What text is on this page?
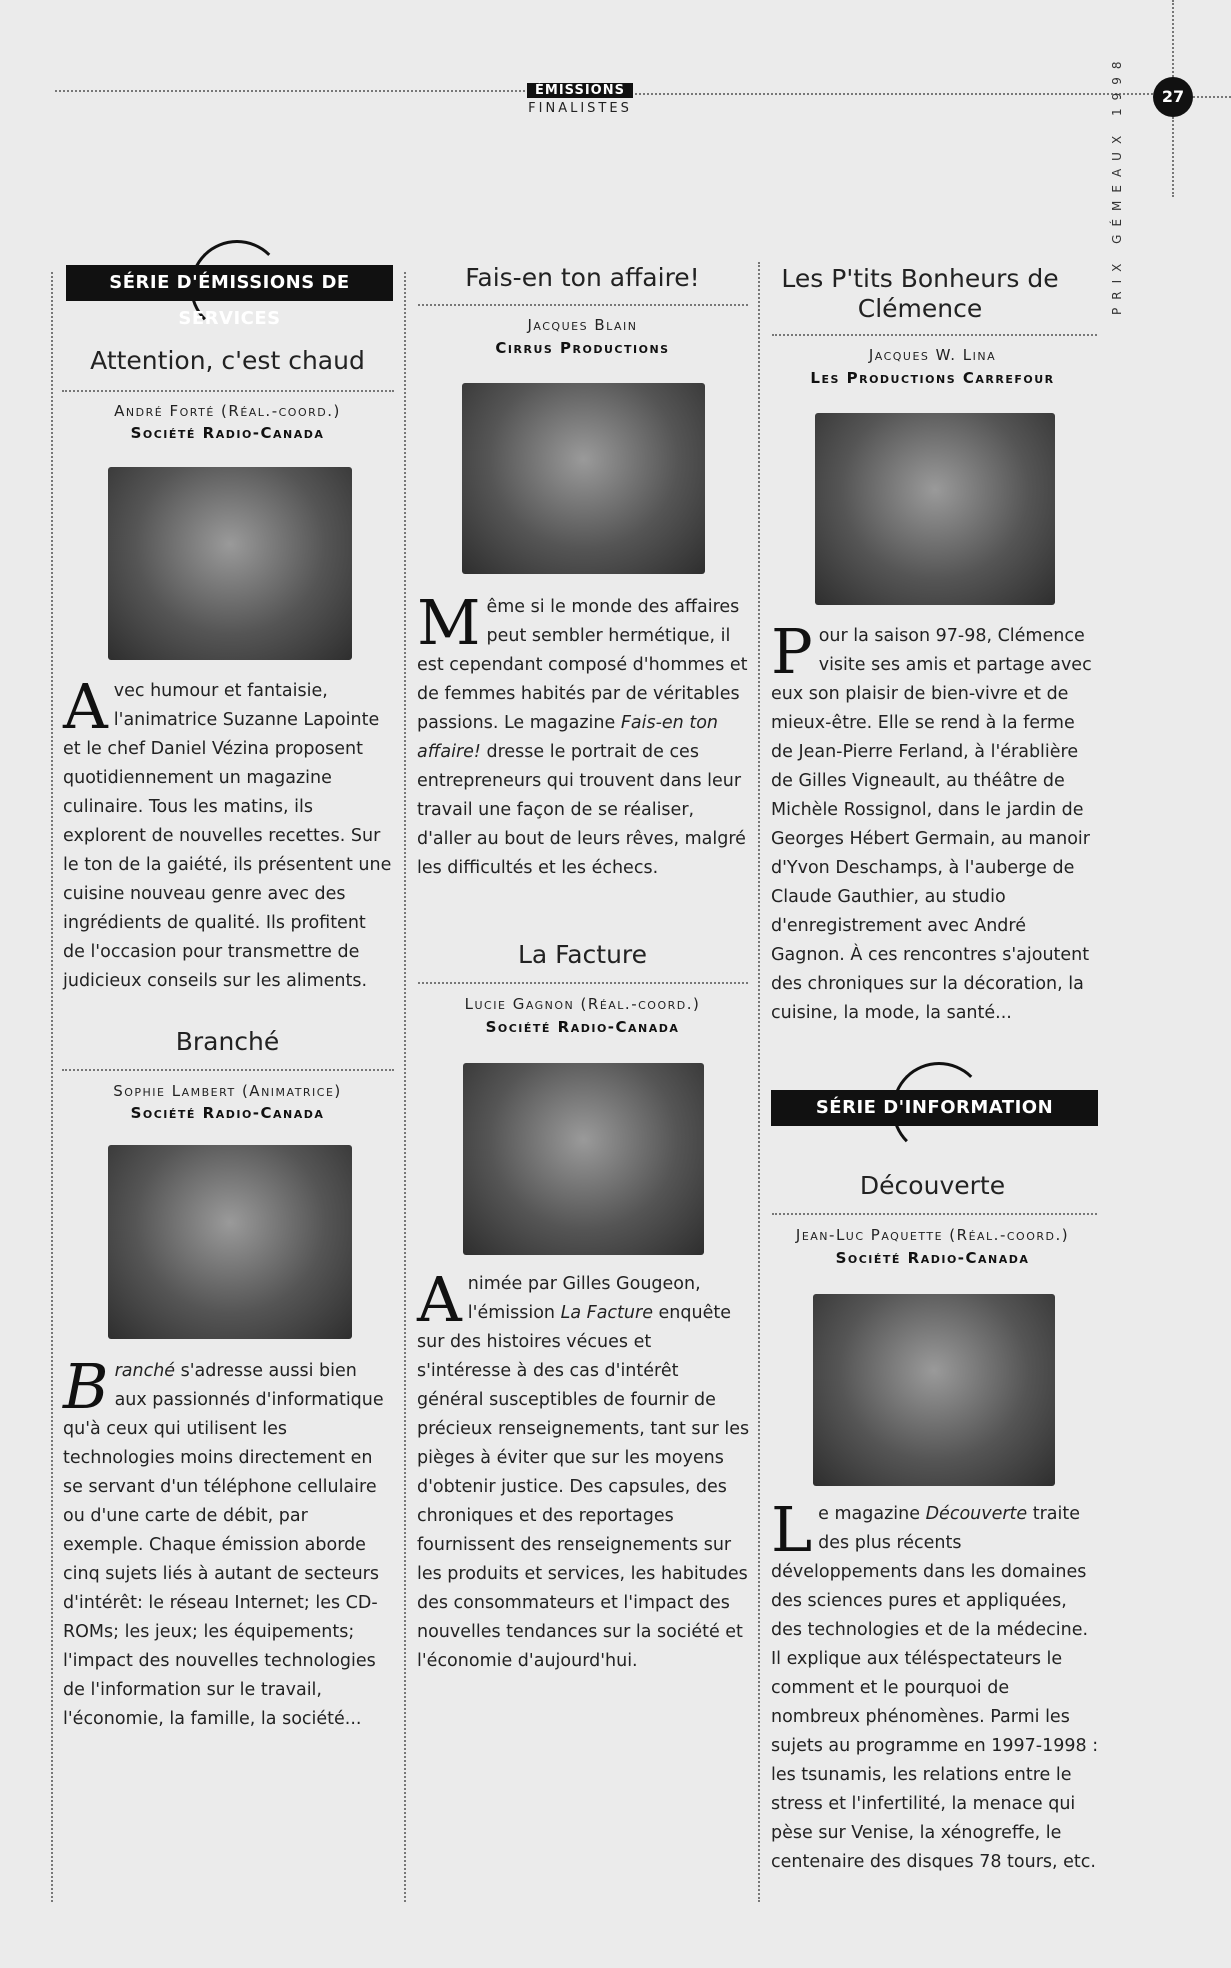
ÉMISSIONS
FINALISTES
27
PRIX GÉMEAUX 1998
SÉRIE D'ÉMISSIONS DE SERVICES
Attention, c'est chaud
André Forté (Réal.-coord.)
Société Radio-Canada
Avec humour et fantaisie, l'animatrice Suzanne Lapointe et le chef Daniel Vézina proposent quotidiennement un magazine culinaire. Tous les matins, ils explorent de nouvelles recettes. Sur le ton de la gaiété, ils présentent une cuisine nouveau genre avec des ingrédients de qualité. Ils profitent de l'occasion pour transmettre de judicieux conseils sur les aliments.
Branché
Sophie Lambert (Animatrice)
Société Radio-Canada
Branché s'adresse aussi bien aux passionnés d'informatique qu'à ceux qui utilisent les technologies moins directement en se servant d'un téléphone cellulaire ou d'une carte de débit, par exemple. Chaque émission aborde cinq sujets liés à autant de secteurs d'intérêt: le réseau Internet; les CD-ROMs; les jeux; les équipements; l'impact des nouvelles technologies de l'information sur le travail, l'économie, la famille, la société...
Fais-en ton affaire!
Jacques Blain
Cirrus Productions
Même si le monde des affaires peut sembler hermétique, il est cependant composé d'hommes et de femmes habités par de véritables passions. Le magazine Fais-en ton affaire! dresse le portrait de ces entrepreneurs qui trouvent dans leur travail une façon de se réaliser, d'aller au bout de leurs rêves, malgré les difficultés et les échecs.
La Facture
Lucie Gagnon (Réal.-coord.)
Société Radio-Canada
Animée par Gilles Gougeon, l'émission La Facture enquête sur des histoires vécues et s'intéresse à des cas d'intérêt général susceptibles de fournir de précieux renseignements, tant sur les pièges à éviter que sur les moyens d'obtenir justice. Des capsules, des chroniques et des reportages fournissent des renseignements sur les produits et services, les habitudes des consommateurs et l'impact des nouvelles tendances sur la société et l'économie d'aujourd'hui.
Les P'tits Bonheurs de Clémence
Jacques W. Lina
Les Productions Carrefour
Pour la saison 97-98, Clémence visite ses amis et partage avec eux son plaisir de bien-vivre et de mieux-être. Elle se rend à la ferme de Jean-Pierre Ferland, à l'érablière de Gilles Vigneault, au théâtre de Michèle Rossignol, dans le jardin de Georges Hébert Germain, au manoir d'Yvon Deschamps, à l'auberge de Claude Gauthier, au studio d'enregistrement avec André Gagnon. À ces rencontres s'ajoutent des chroniques sur la décoration, la cuisine, la mode, la santé...
SÉRIE D'INFORMATION
Découverte
Jean-Luc Paquette (Réal.-coord.)
Société Radio-Canada
Le magazine Découverte traite des plus récents développements dans les domaines des sciences pures et appliquées, des technologies et de la médecine. Il explique aux téléspectateurs le comment et le pourquoi de nombreux phénomènes. Parmi les sujets au programme en 1997-1998 : les tsunamis, les relations entre le stress et l'infertilité, la menace qui pèse sur Venise, la xénogreffe, le centenaire des disques 78 tours, etc.
